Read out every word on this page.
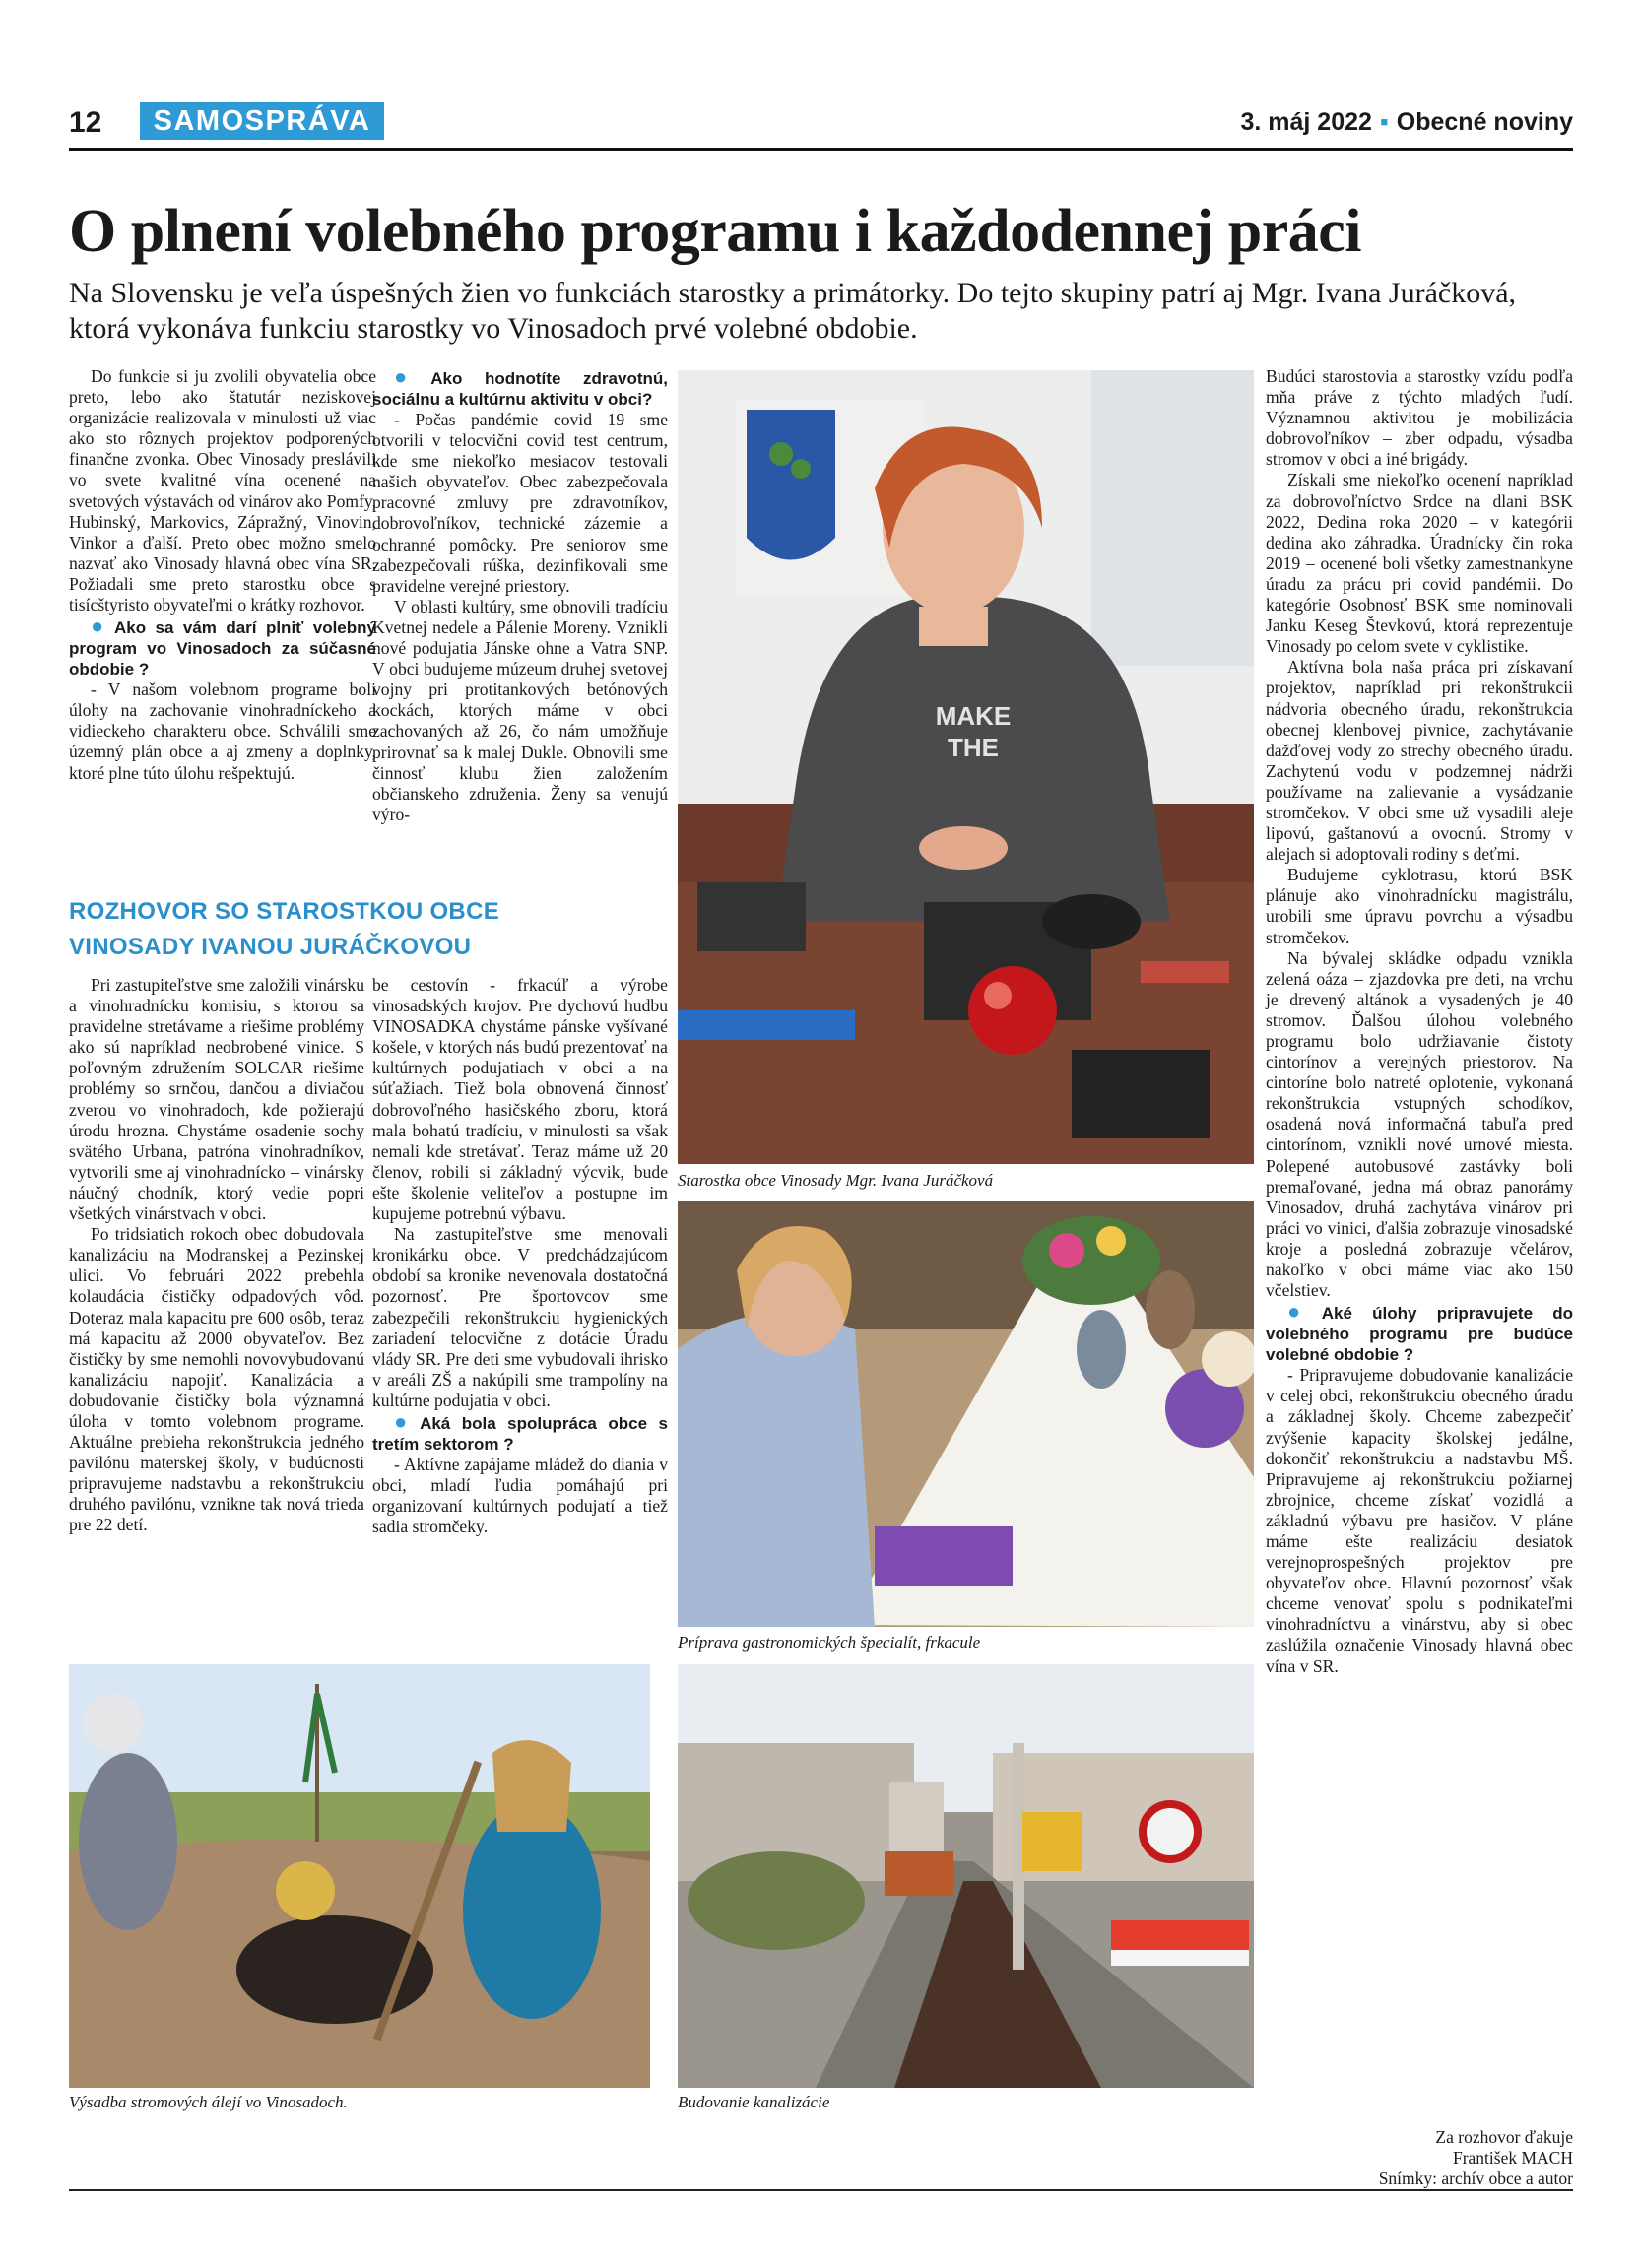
12	SAMOSPRÁVA	3. máj 2022 ▪ Obecné noviny
O plnení volebného programu i každodennej práci
Na Slovensku je veľa úspešných žien vo funkciách starostky a primátorky. Do tejto skupiny patrí aj Mgr. Ivana Juráčková, ktorá vykonáva funkciu starostky vo Vinosadoch prvé volebné obdobie.

Do funkcie si ju zvolili obyvatelia obce preto, lebo ako štatutár neziskovej organizácie realizovala v minulosti už viac ako sto rôznych projektov podporených finančne zvonka. Obec Vinosady preslávili vo svete kvalitné vína ocenené na svetových výstavách od vinárov ako Pomfy, Hubinský, Markovics, Zápražný, Vinovin, Vinkor a ďalší. Preto obec možno smelo nazvať ako Vinosady hlavná obec vína SR. Požiadali sme preto starostku obce s tisícštyristo obyvateľmi o krátky rozhovor.

● Ako sa vám darí plniť volebný program vo Vinosadoch za súčasné obdobie ?

- V našom volebnom programe boli úlohy na zachovanie vinohradníckeho a vidieckeho charakteru obce. Schválili sme územný plán obce a aj zmeny a doplnky, ktoré plne túto úlohu rešpektujú.

● Ako hodnotíte zdravotnú, sociálnu a kultúrnu aktivitu v obci?

- Počas pandémie covid 19 sme otvorili v telocvični covid test centrum, kde sme niekoľko mesiacov testovali našich obyvateľov. Obec zabezpečovala pracovné zmluvy pre zdravotníkov, dobrovoľníkov, technické zázemie a ochranné pomôcky. Pre seniorov sme zabezpečovali rúška, dezinfikovali sme pravidelne verejné priestory.

V oblasti kultúry, sme obnovili tradíciu Kvetnej nedele a Pálenie Moreny. Vznikli nové podujatia Jánske ohne a Vatra SNP. V obci budujeme múzeum druhej svetovej vojny pri protitankových betónových kockách, ktorých máme v obci zachovaných až 26, čo nám umožňuje prirovnať sa k malej Dukle. Obnovili sme činnosť klubu žien založením občianskeho združenia. Ženy sa venujú výro-

ROZHOVOR SO STAROSTKOU OBCE
VINOSADY IVANOU JURÁČKOVOU

Pri zastupiteľstve sme založili vinársku a vinohradnícku komisiu, s ktorou sa pravidelne stretávame a riešime problémy ako sú napríklad neobrobené vinice. S poľovným združením SOLCAR riešime problémy so srnčou, dančou a diviačou zverou vo vinohradoch, kde požierajú úrodu hrozna. Chystáme osadenie sochy svätého Urbana, patróna vinohradníkov, vytvorili sme aj vinohradnícko – vinársky náučný chodník, ktorý vedie popri všetkých vinárstvach v obci.

Po tridsiatich rokoch obec dobudovala kanalizáciu na Modranskej a Pezinskej ulici. Vo februári 2022 prebehla kolaudácia čističky odpadových vôd. Doteraz mala kapacitu pre 600 osôb, teraz má kapacitu až 2000 obyvateľov. Bez čističky by sme nemohli novovybudovanú kanalizáciu napojiť. Kanalizácia a dobudovanie čističky bola významná úloha v tomto volebnom programe. Aktuálne prebieha rekonštrukcia jedného pavilónu materskej školy, v budúcnosti pripravujeme nadstavbu a rekonštrukciu druhého pavilónu, vznikne tak nová trieda pre 22 detí.

be cestovín - frkacúľ a výrobe vinosadských krojov. Pre dychovú hudbu VINOSADKA chystáme pánske vyšívané košele, v ktorých nás budú prezentovať na kultúrnych podujatiach v obci a na súťažiach. Tiež bola obnovená činnosť dobrovoľného hasičského zboru, ktorá mala bohatú tradíciu, v minulosti sa však nemali kde stretávať. Teraz máme už 20 členov, robili si základný výcvik, bude ešte školenie veliteľov a postupne im kupujeme potrebnú výbavu.

Na zastupiteľstve sme menovali kronikárku obce. V predchádzajúcom období sa kronike nevenovala dostatočná pozornosť. Pre športovcov sme zabezpečili rekonštrukciu hygienických zariadení telocvične z dotácie Úradu vlády SR. Pre deti sme vybudovali ihrisko v areáli ZŠ a nakúpili sme trampolíny na kultúrne podujatia v obci.

● Aká bola spolupráca obce s tretím sektorom ?

- Aktívne zapájame mládež do diania v obci, mladí ľudia pomáhajú pri organizovaní kultúrnych podujatí a tiež sadia stromčeky.

Budúci starostovia a starostky vzídu podľa mňa práve z týchto mladých ľudí. Významnou aktivitou je mobilizácia dobrovoľníkov – zber odpadu, výsadba stromov v obci a iné brigády.

Získali sme niekoľko ocenení napríklad za dobrovoľníctvo Srdce na dlani BSK 2022, Dedina roka 2020 – v kategórii dedina ako záhradka. Úradnícky čin roka 2019 – ocenené boli všetky zamestnankyne úradu za prácu pri covid pandémii. Do kategórie Osobnosť BSK sme nominovali Janku Keseg Števkovú, ktorá reprezentuje Vinosady po celom svete v cyklistike.

Aktívna bola naša práca pri získavaní projektov, napríklad pri rekonštrukcii nádvoria obecného úradu, rekonštrukcia obecnej klenbovej pivnice, zachytávanie dažďovej vody zo strechy obecného úradu. Zachytenú vodu v podzemnej nádrži používame na zalievanie a vysádzanie stromčekov. V obci sme už vysadili aleje lipovú, gaštanovú a ovocnú. Stromy v alejach si adoptovali rodiny s deťmi.

Budujeme cyklotrasu, ktorú BSK plánuje ako vinohradnícku magistrálu, urobili sme úpravu povrchu a výsadbu stromčekov.

Na bývalej skládke odpadu vznikla zelená oáza – zjazdovka pre deti, na vrchu je drevený altánok a vysadených je 40 stromov. Ďalšou úlohou volebného programu bolo udržiavanie čistoty cintorínov a verejných priestorov. Na cintoríne bolo natreté oplotenie, vykonaná rekonštrukcia vstupných schodíkov, osadená nová informačná tabuľa pred cintorínom, vznikli nové urnové miesta. Polepené autobusové zastávky boli premaľované, jedna má obraz panorámy Vinosadov, druhá zachytáva vinárov pri práci vo vinici, ďalšia zobrazuje vinosadské kroje a posledná zobrazuje včelárov, nakoľko v obci máme viac ako 150 včelstiev.

● Aké úlohy pripravujete do volebného programu pre budúce volebné obdobie ?

- Pripravujeme dobudovanie kanalizácie v celej obci, rekonštrukciu obecného úradu a základnej školy. Chceme zabezpečiť zvýšenie kapacity školskej jedálne, dokončiť rekonštrukciu a nadstavbu MŠ. Pripravujeme aj rekonštrukciu požiarnej zbrojnice, chceme získať vozidlá a základnú výbavu pre hasičov. V pláne máme ešte realizáciu desiatok verejnoprospešných projektov pre obyvateľov obce. Hlavnú pozornosť však chceme venovať spolu s podnikateľmi vinohradníctvu a vinárstvu, aby si obec zaslúžila označenie Vinosady hlavná obec vína v SR.

Za rozhovor ďakuje
František MACH
Snímky: archív obce a autor
MAKE
THE
Starostka obce Vinosady Mgr. Ivana Juráčková
Príprava gastronomických špecialít, frkacule
Výsadba stromových álejí vo Vinosadoch.	Budovanie kanalizácie
